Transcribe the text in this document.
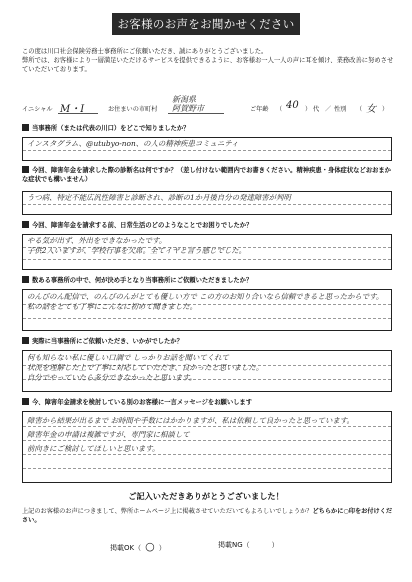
お客様のお声をお聞かせください
この度は川口社会保険労務士事務所にご依頼いただき、誠にありがとうございました。
弊所では、お客様により一層満足いただけるサービスを提供できるように、お客様お一人一人の声に耳を傾け、業務改善に努めさせていただいております。
イニシャル M・I	お住まいの市町村
新潟県
阿賀野市	ご年齢 （ 40 ） 代 ／ 性別 （ 女 ）
当事務所（または代表の川口）をどこで知りましたか？
インスタグラム、@utubyo-non、の人の精神疾患コミュニティ
今回、障害年金を請求した際の診断名は何ですか？（差し付けない範囲内でお書きください。精神疾患・身体症状などおおまかな症状でも構いません）
うつ病、特定不能広汎性障害と診断され、診断の1か月後自分の発達障害が判明
今回、障害年金を請求する前、日常生活のどのようなことでお困りでしたか？
やる気が出ず、外出をできなかったです。
子供2人いますが、学校行事を欠席。全てイヤと言う感じでした。
数ある事務所の中で、何が決め手となり当事務所にご依頼いただきましたか？
のんびのん配信で、のんびのんがとても優しい方で この方のお知り合いなら信頼できると思ったからです。
私の話をとても丁寧にこんなに初めて聞きました。
実際に当事務所にご依頼いただき、いかがでしたか？
何も知らない私に優しい口調で しっかりお話を聞いてくれて
状況を理解した上で丁寧に対応していただき、良かったと思いました。
自分でやっていたら多分できなかったと思います。
今、障害年金請求を検討している別のお客様に一言メッセージをお願いします
障害から結果が出るまで お時間や手数にはかかりますが、私は依頼して良かったと思っています。
障害年金の申請は複雑ですが、専門家に相談して
前向きにご検討してほしいと思います。
ご記入いただきありがとうございました！
上記のお客様のお声につきまして、弊所ホームページ上に掲載させていただいてもよろしいでしょうか？どちらかに○印をお付けください。
掲載OK（ ○ ）	掲載NG（	）
